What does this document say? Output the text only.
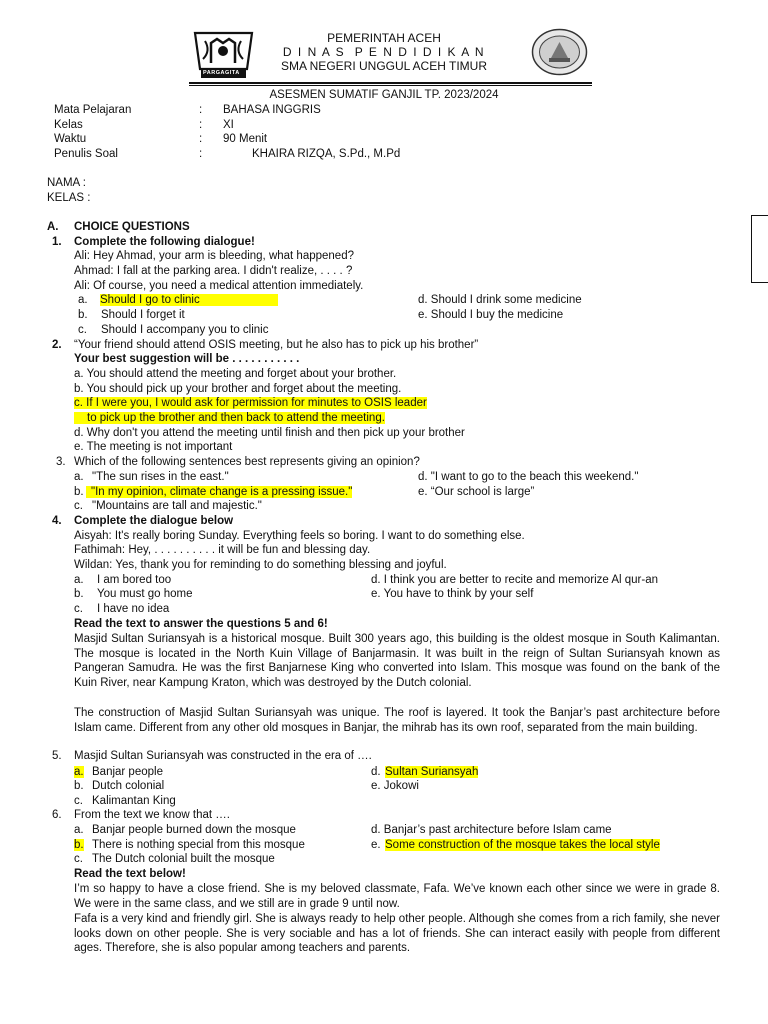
PARGAGITA
PEMERINTAH ACEH
D I N A S  P E N D I D I K A N
SMA NEGERI UNGGUL ACEH TIMUR
ASESMEN SUMATIF GANJIL TP. 2023/2024
Mata Pelajaran	: BAHASA INGGRIS
Kelas	: XI
Waktu	: 90 Menit
Penulis Soal	:	KHAIRA RIZQA, S.Pd., M.Pd
NAMA :
KELAS :
A. CHOICE QUESTIONS
1. Complete the following dialogue!
Ali: Hey Ahmad, your arm is bleeding, what happened?
Ahmad: I fall at the parking area. I didn't realize, . . . . ?
Ali: Of course, you need a medical attention immediately.
a. Should I go to clinic
b. Should I forget it
c. Should I accompany you to clinic
d. Should I drink some medicine
e. Should I buy the medicine
2. “Your friend should attend OSIS meeting, but he also has to pick up his brother”
Your best suggestion will be . . . . . . . . . . .
a. You should attend the meeting and forget about your brother.
b. You should pick up your brother and forget about the meeting.
c. If I were you, I would ask for permission for minutes to OSIS leader
to pick up the brother and then back to attend the meeting.
d. Why don't you attend the meeting until finish and then pick up your brother
e. The meeting is not important
3. Which of the following sentences best represents giving an opinion?
a. "The sun rises in the east."
b. "In my opinion, climate change is a pressing issue."
c. "Mountains are tall and majestic."
d. "I want to go to the beach this weekend."
e. “Our school is large”
4. Complete the dialogue below
Aisyah: It's really boring Sunday. Everything feels so boring. I want to do something else.
Fathimah: Hey, . . . . . . . . . . it will be fun and blessing day.
Wildan: Yes, thank you for reminding to do something blessing and joyful.
a. I am bored too
b. You must go home
c. I have no idea
d. I think you are better to recite and memorize Al qur-an
e. You have to think by your self
Read the text to answer the questions 5 and 6!
Masjid Sultan Suriansyah is a historical mosque. Built 300 years ago, this building is the oldest mosque in South Kalimantan. The mosque is located in the North Kuin Village of Banjarmasin. It was built in the reign of Sultan Suriansyah known as Pangeran Samudra. He was the first Banjarnese King who converted into Islam. This mosque was found on the bank of the Kuin River, near Kampung Kraton, which was destroyed by the Dutch colonial.
The construction of Masjid Sultan Suriansyah was unique. The roof is layered. It took the Banjar’s past architecture before Islam came. Different from any other old mosques in Banjar, the mihrab has its own roof, separated from the main building.
5. Masjid Sultan Suriansyah was constructed in the era of ….
a. Banjar people
b. Dutch colonial
c. Kalimantan King
d. Sultan Suriansyah
e. Jokowi
6. From the text we know that ….
a. Banjar people burned down the mosque
b. There is nothing special from this mosque
c. The Dutch colonial built the mosque
d. Banjar’s past architecture before Islam came
e. Some construction of the mosque takes the local style
Read the text below!
I’m so happy to have a close friend. She is my beloved classmate, Fafa. We’ve known each other since we were in grade 8. We were in the same class, and we still are in grade 9 until now.
Fafa is a very kind and friendly girl. She is always ready to help other people. Although she comes from a rich family, she never looks down on other people. She is very sociable and has a lot of friends. She can interact easily with people from different ages. Therefore, she is also popular among teachers and parents.
